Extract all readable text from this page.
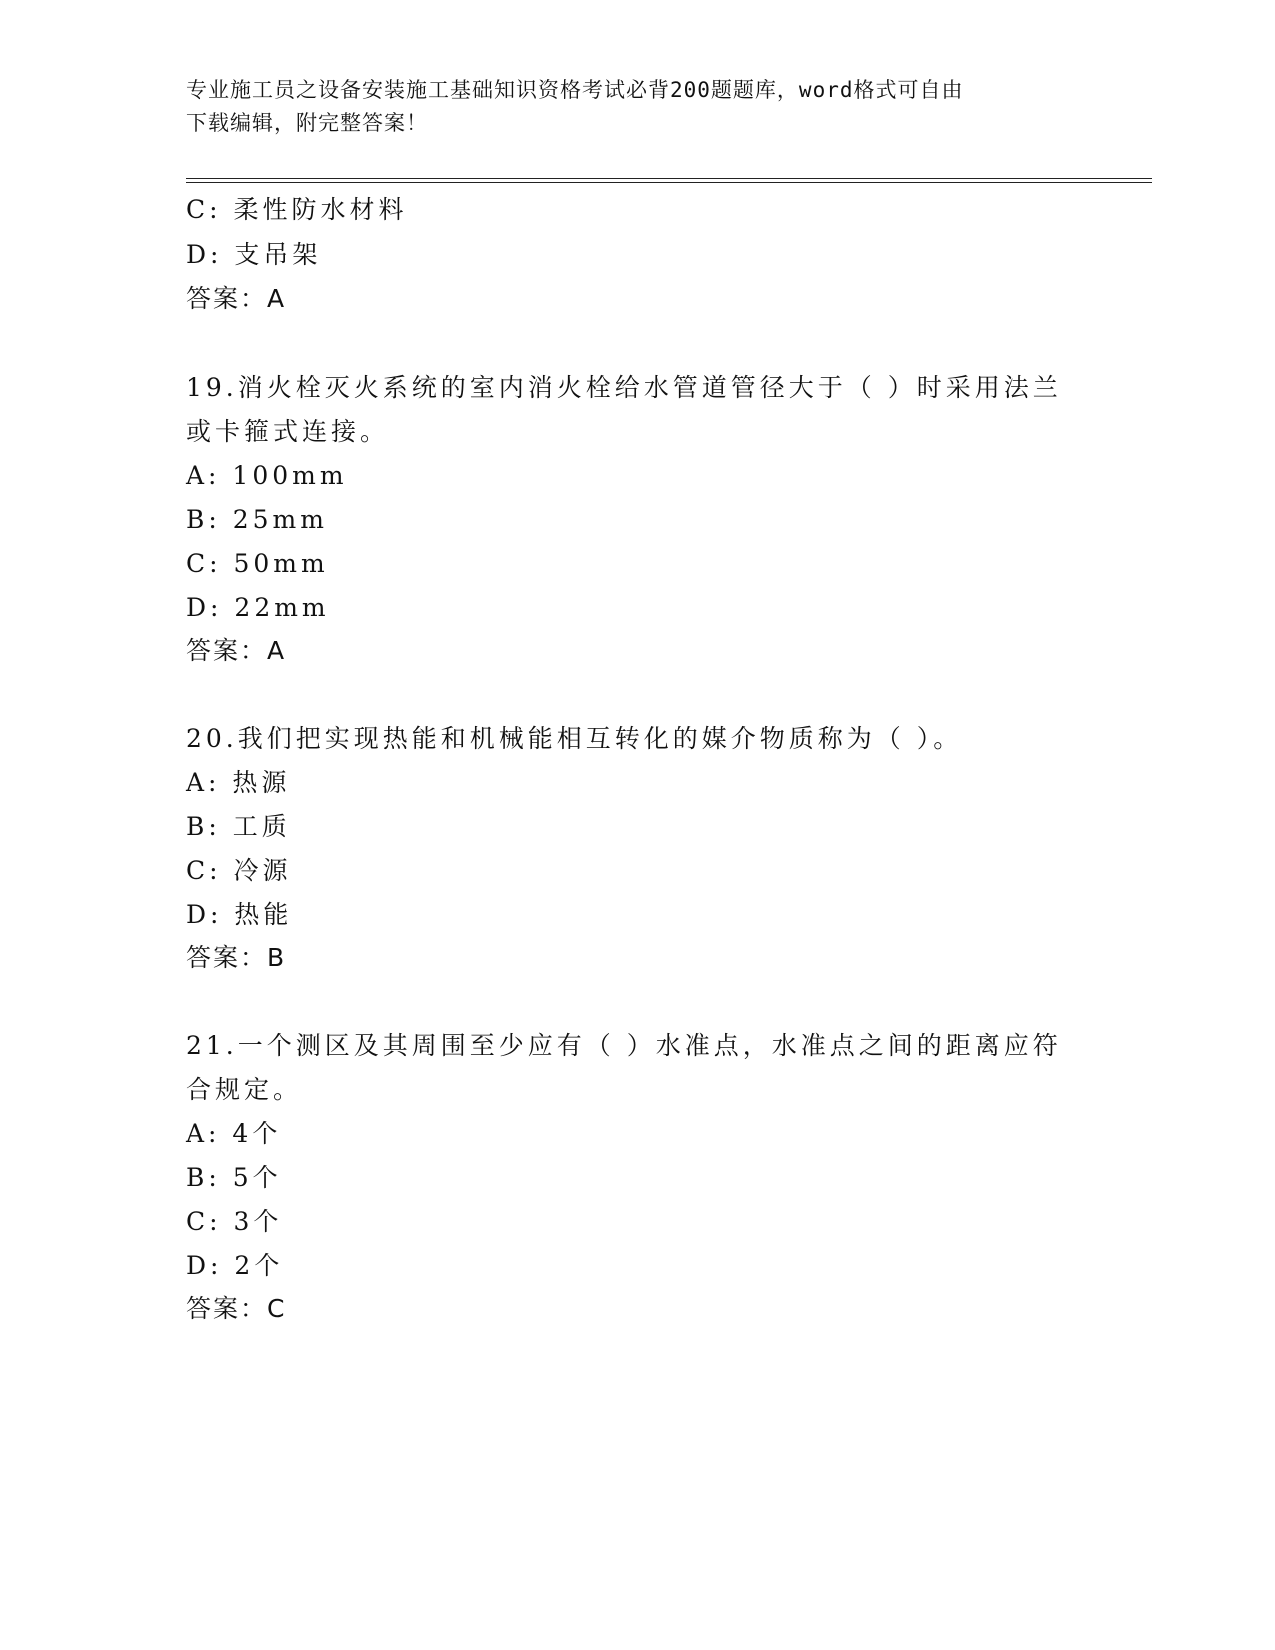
专业施工员之设备安装施工基础知识资格考试必背200题题库，word格式可自由
下载编辑，附完整答案！
C: 柔性防水材料
D: 支吊架
答案：A
19.消火栓灭火系统的室内消火栓给水管道管径大于（ ）时采用法兰
或卡箍式连接。
A: 100mm
B: 25mm
C: 50mm
D: 22mm
答案：A
20.我们把实现热能和机械能相互转化的媒介物质称为（ ）。
A: 热源
B: 工质
C: 冷源
D: 热能
答案：B
21.一个测区及其周围至少应有（ ）水准点，水准点之间的距离应符
合规定。
A: 4个
B: 5个
C: 3个
D: 2个
答案：C
